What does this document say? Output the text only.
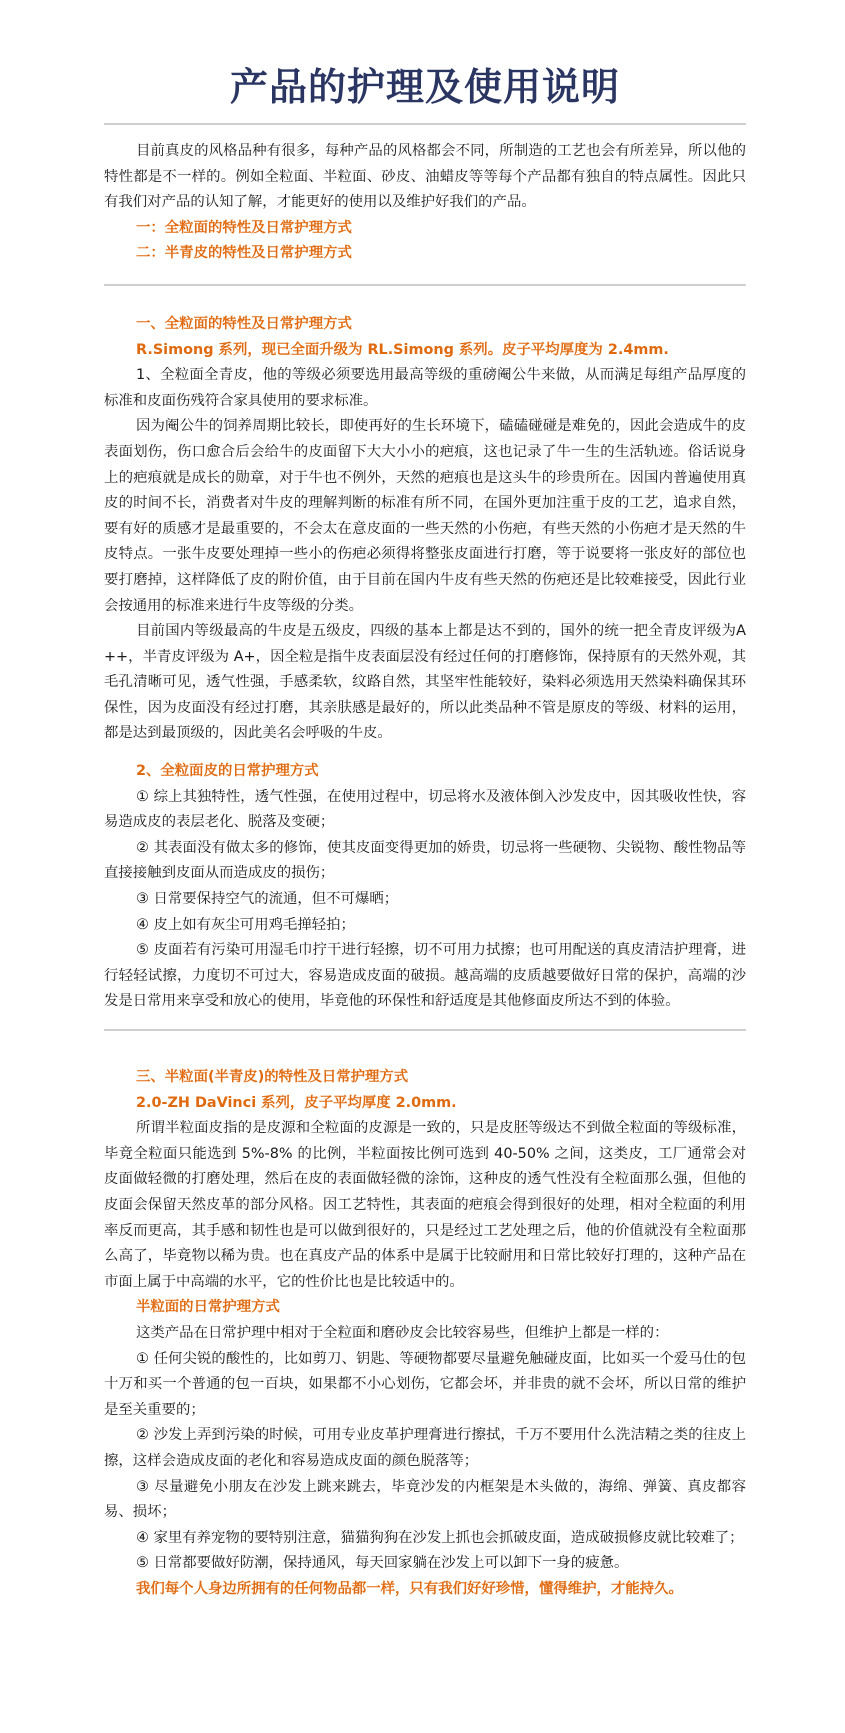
产品的护理及使用说明

目前真皮的风格品种有很多，每种产品的风格都会不同，所制造的工艺也会有所差异，所以他的特性都是不一样的。例如全粒面、半粒面、砂皮、油蜡皮等等每个产品都有独自的特点属性。因此只有我们对产品的认知了解，才能更好的使用以及维护好我们的产品。

一：全粒面的特性及日常护理方式

二：半青皮的特性及日常护理方式

一、全粒面的特性及日常护理方式

R.Simong 系列，现已全面升级为 RL.Simong 系列。皮子平均厚度为 2.4mm.

1、全粒面全青皮，他的等级必须要选用最高等级的重磅阉公牛来做，从而满足每组产品厚度的标准和皮面伤残符合家具使用的要求标准。

因为阉公牛的饲养周期比较长，即使再好的生长环境下，磕磕碰碰是难免的，因此会造成牛的皮表面划伤，伤口愈合后会给牛的皮面留下大大小小的疤痕，这也记录了牛一生的生活轨迹。俗话说身上的疤痕就是成长的勋章，对于牛也不例外，天然的疤痕也是这头牛的珍贵所在。因国内普遍使用真皮的时间不长，消费者对牛皮的理解判断的标准有所不同，在国外更加注重于皮的工艺，追求自然，要有好的质感才是最重要的，不会太在意皮面的一些天然的小伤疤，有些天然的小伤疤才是天然的牛皮特点。一张牛皮要处理掉一些小的伤疤必须得将整张皮面进行打磨，等于说要将一张皮好的部位也要打磨掉，这样降低了皮的附价值，由于目前在国内牛皮有些天然的伤疤还是比较难接受，因此行业会按通用的标准来进行牛皮等级的分类。

目前国内等级最高的牛皮是五级皮，四级的基本上都是达不到的，国外的统一把全青皮评级为A++，半青皮评级为 A+，因全粒是指牛皮表面层没有经过任何的打磨修饰，保持原有的天然外观，其毛孔清晰可见，透气性强，手感柔软，纹路自然，其坚牢性能较好，染料必须选用天然染料确保其环保性，因为皮面没有经过打磨，其亲肤感是最好的，所以此类品种不管是原皮的等级、材料的运用，都是达到最顶级的，因此美名会呼吸的牛皮。

2、全粒面皮的日常护理方式

① 综上其独特性，透气性强，在使用过程中，切忌将水及液体倒入沙发皮中，因其吸收性快，容易造成皮的表层老化、脱落及变硬；

② 其表面没有做太多的修饰，使其皮面变得更加的娇贵，切忌将一些硬物、尖锐物、酸性物品等直接接触到皮面从而造成皮的损伤；

③ 日常要保持空气的流通，但不可爆晒；

④ 皮上如有灰尘可用鸡毛掸轻拍；

⑤ 皮面若有污染可用湿毛巾拧干进行轻擦，切不可用力拭擦；也可用配送的真皮清洁护理膏，进行轻轻试擦，力度切不可过大，容易造成皮面的破损。越高端的皮质越要做好日常的保护，高端的沙发是日常用来享受和放心的使用，毕竟他的环保性和舒适度是其他修面皮所达不到的体验。

三、半粒面(半青皮)的特性及日常护理方式

2.0-ZH DaVinci 系列，皮子平均厚度 2.0mm.

所谓半粒面皮指的是皮源和全粒面的皮源是一致的，只是皮胚等级达不到做全粒面的等级标准，毕竟全粒面只能选到 5%-8% 的比例，半粒面按比例可选到 40-50% 之间，这类皮，工厂通常会对皮面做轻微的打磨处理，然后在皮的表面做轻微的涂饰，这种皮的透气性没有全粒面那么强，但他的皮面会保留天然皮革的部分风格。因工艺特性，其表面的疤痕会得到很好的处理，相对全粒面的利用率反而更高，其手感和韧性也是可以做到很好的，只是经过工艺处理之后，他的价值就没有全粒面那么高了，毕竟物以稀为贵。也在真皮产品的体系中是属于比较耐用和日常比较好打理的，这种产品在市面上属于中高端的水平，它的性价比也是比较适中的。

半粒面的日常护理方式

这类产品在日常护理中相对于全粒面和磨砂皮会比较容易些，但维护上都是一样的：

① 任何尖锐的酸性的，比如剪刀、钥匙、等硬物都要尽量避免触碰皮面，比如买一个爱马仕的包十万和买一个普通的包一百块，如果都不小心划伤，它都会坏，并非贵的就不会坏，所以日常的维护是至关重要的；

② 沙发上弄到污染的时候，可用专业皮革护理膏进行擦拭，千万不要用什么洗洁精之类的往皮上擦，这样会造成皮面的老化和容易造成皮面的颜色脱落等；

③ 尽量避免小朋友在沙发上跳来跳去，毕竟沙发的内框架是木头做的，海绵、弹簧、真皮都容易、损坏；

④ 家里有养宠物的要特别注意，猫猫狗狗在沙发上抓也会抓破皮面，造成破损修皮就比较难了；

⑤ 日常都要做好防潮，保持通风，每天回家躺在沙发上可以卸下一身的疲惫。

我们每个人身边所拥有的任何物品都一样，只有我们好好珍惜，懂得维护，才能持久。
